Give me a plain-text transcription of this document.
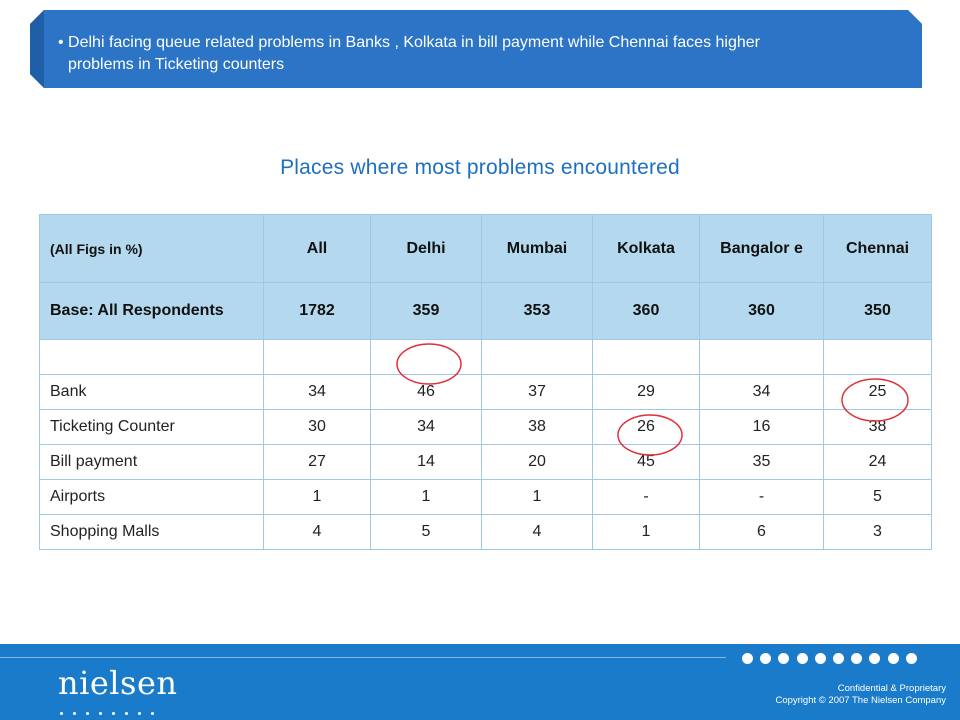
• Delhi facing queue related problems in Banks , Kolkata in bill payment while Chennai faces higher
problems in Ticketing counters
Places where most problems encountered
(All Figs in %)	All	Delhi	Mumbai	Kolkata	Bangalor e	Chennai
Base: All Respondents	1782	359	353	360	360	350

Bank	34	46	37	29	34	25
Ticketing Counter	30	34	38	26	16	38
Bill payment	27	14	20	45	35	24
Airports	1	1	1	-	-	5
Shopping Malls	4	5	4	1	6	3
nielsen	Confidential & Proprietary
Copyright © 2007 The Nielsen Company
